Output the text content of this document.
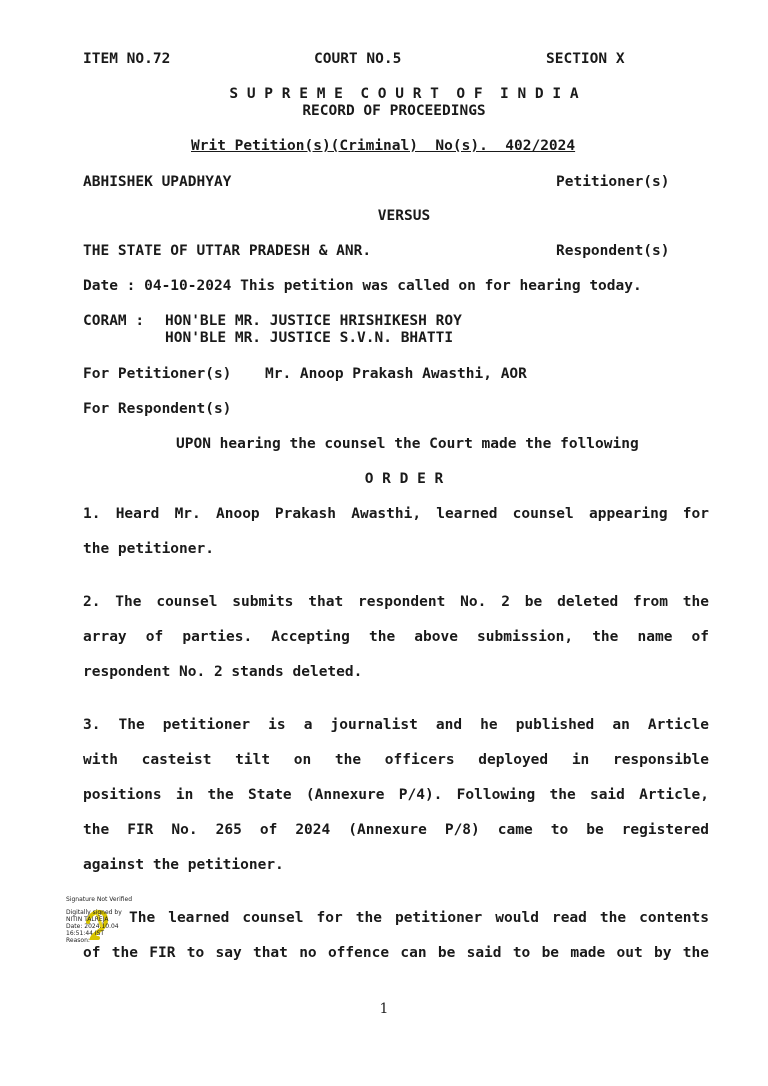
ITEM NO.72	COURT NO.5	SECTION X
S U P R E M E  C O U R T  O F  I N D I A
RECORD OF PROCEEDINGS
Writ Petition(s)(Criminal)  No(s).  402/2024
ABHISHEK UPADHYAY	Petitioner(s)
VERSUS
THE STATE OF UTTAR PRADESH & ANR.	Respondent(s)
Date : 04-10-2024 This petition was called on for hearing today.
CORAM : HON'BLE MR. JUSTICE HRISHIKESH ROY
HON'BLE MR. JUSTICE S.V.N. BHATTI
For Petitioner(s) Mr. Anoop Prakash Awasthi, AOR
For Respondent(s)
UPON hearing the counsel the Court made the following
O R D E R
1. Heard Mr. Anoop Prakash Awasthi, learned counsel appearing for
the petitioner.
2. The counsel submits that respondent No. 2 be deleted from the
array of parties. Accepting the above submission, the name of
respondent No. 2 stands deleted.
3. The petitioner is a journalist and he published an Article
with casteist tilt on the officers deployed in responsible
positions in the State (Annexure P/4). Following the said Article,
the FIR No. 265 of 2024 (Annexure P/8) came to be registered
against the petitioner.
The learned counsel for the petitioner would read the contents
of the FIR to say that no offence can be said to be made out by the
Signature Not Verified
Digitally signed by
NITIN TALREJA
Date: 2024.10.04
16:51:44 IST
Reason:
1
